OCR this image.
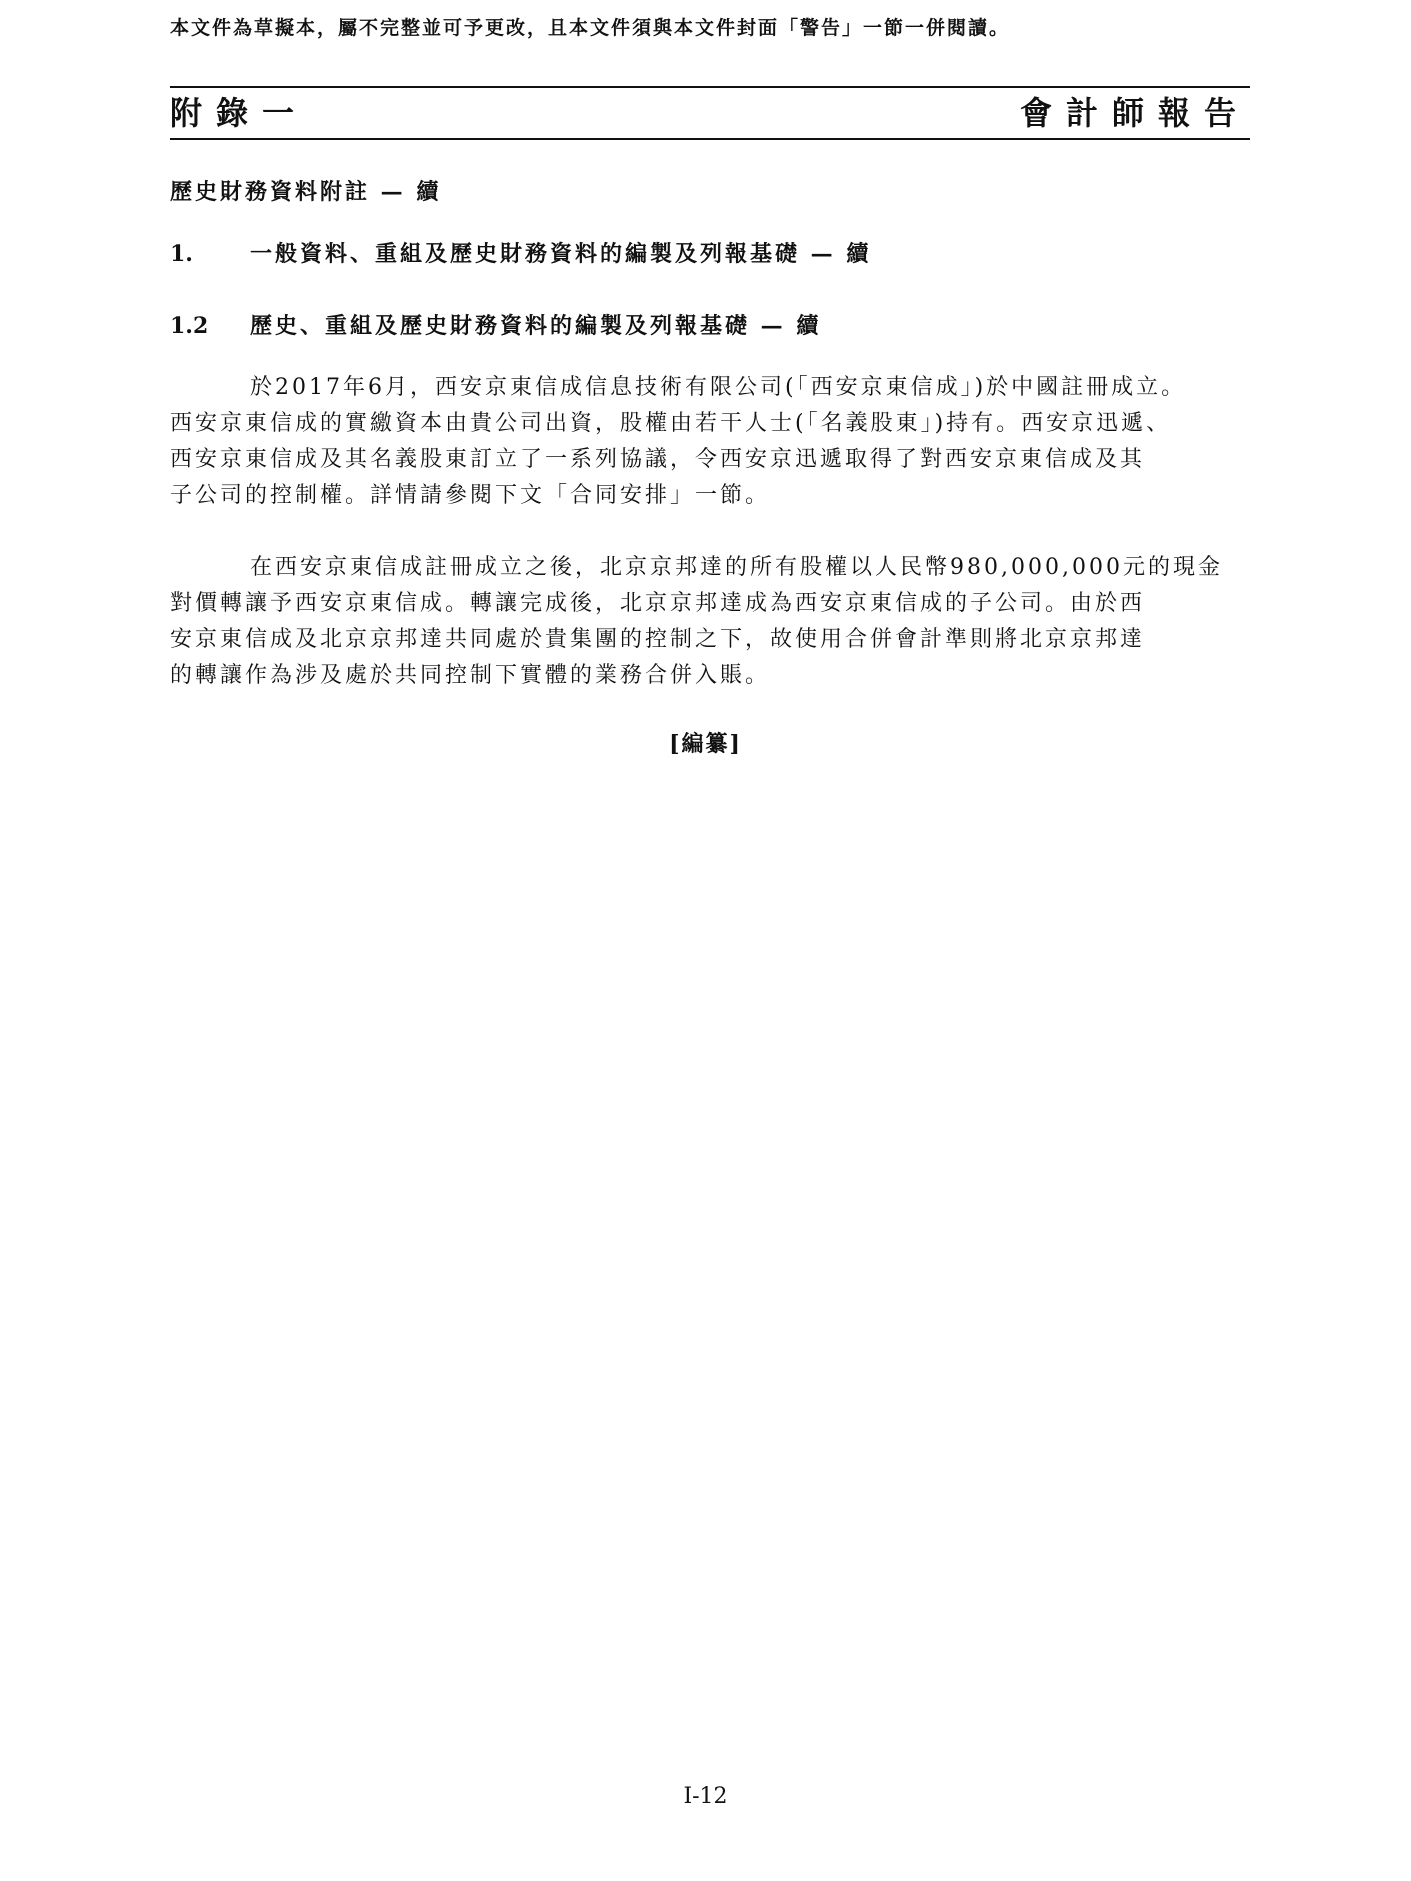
本文件為草擬本，屬不完整並可予更改，且本文件須與本文件封面「警告」一節一併閱讀。
附錄一	會計師報告
歷史財務資料附註 — 續
1.	一般資料、重組及歷史財務資料的編製及列報基礎 — 續
1.2 歷史、重組及歷史財務資料的編製及列報基礎 — 續
於2017年6月，西安京東信成信息技術有限公司(「西安京東信成」)於中國註冊成立。
西安京東信成的實繳資本由貴公司出資，股權由若干人士(「名義股東」)持有。西安京迅遞、
西安京東信成及其名義股東訂立了一系列協議，令西安京迅遞取得了對西安京東信成及其
子公司的控制權。詳情請參閱下文「合同安排」一節。
在西安京東信成註冊成立之後，北京京邦達的所有股權以人民幣980,000,000元的現金
對價轉讓予西安京東信成。轉讓完成後，北京京邦達成為西安京東信成的子公司。由於西
安京東信成及北京京邦達共同處於貴集團的控制之下，故使用合併會計準則將北京京邦達
的轉讓作為涉及處於共同控制下實體的業務合併入賬。
[編纂]
I-12
